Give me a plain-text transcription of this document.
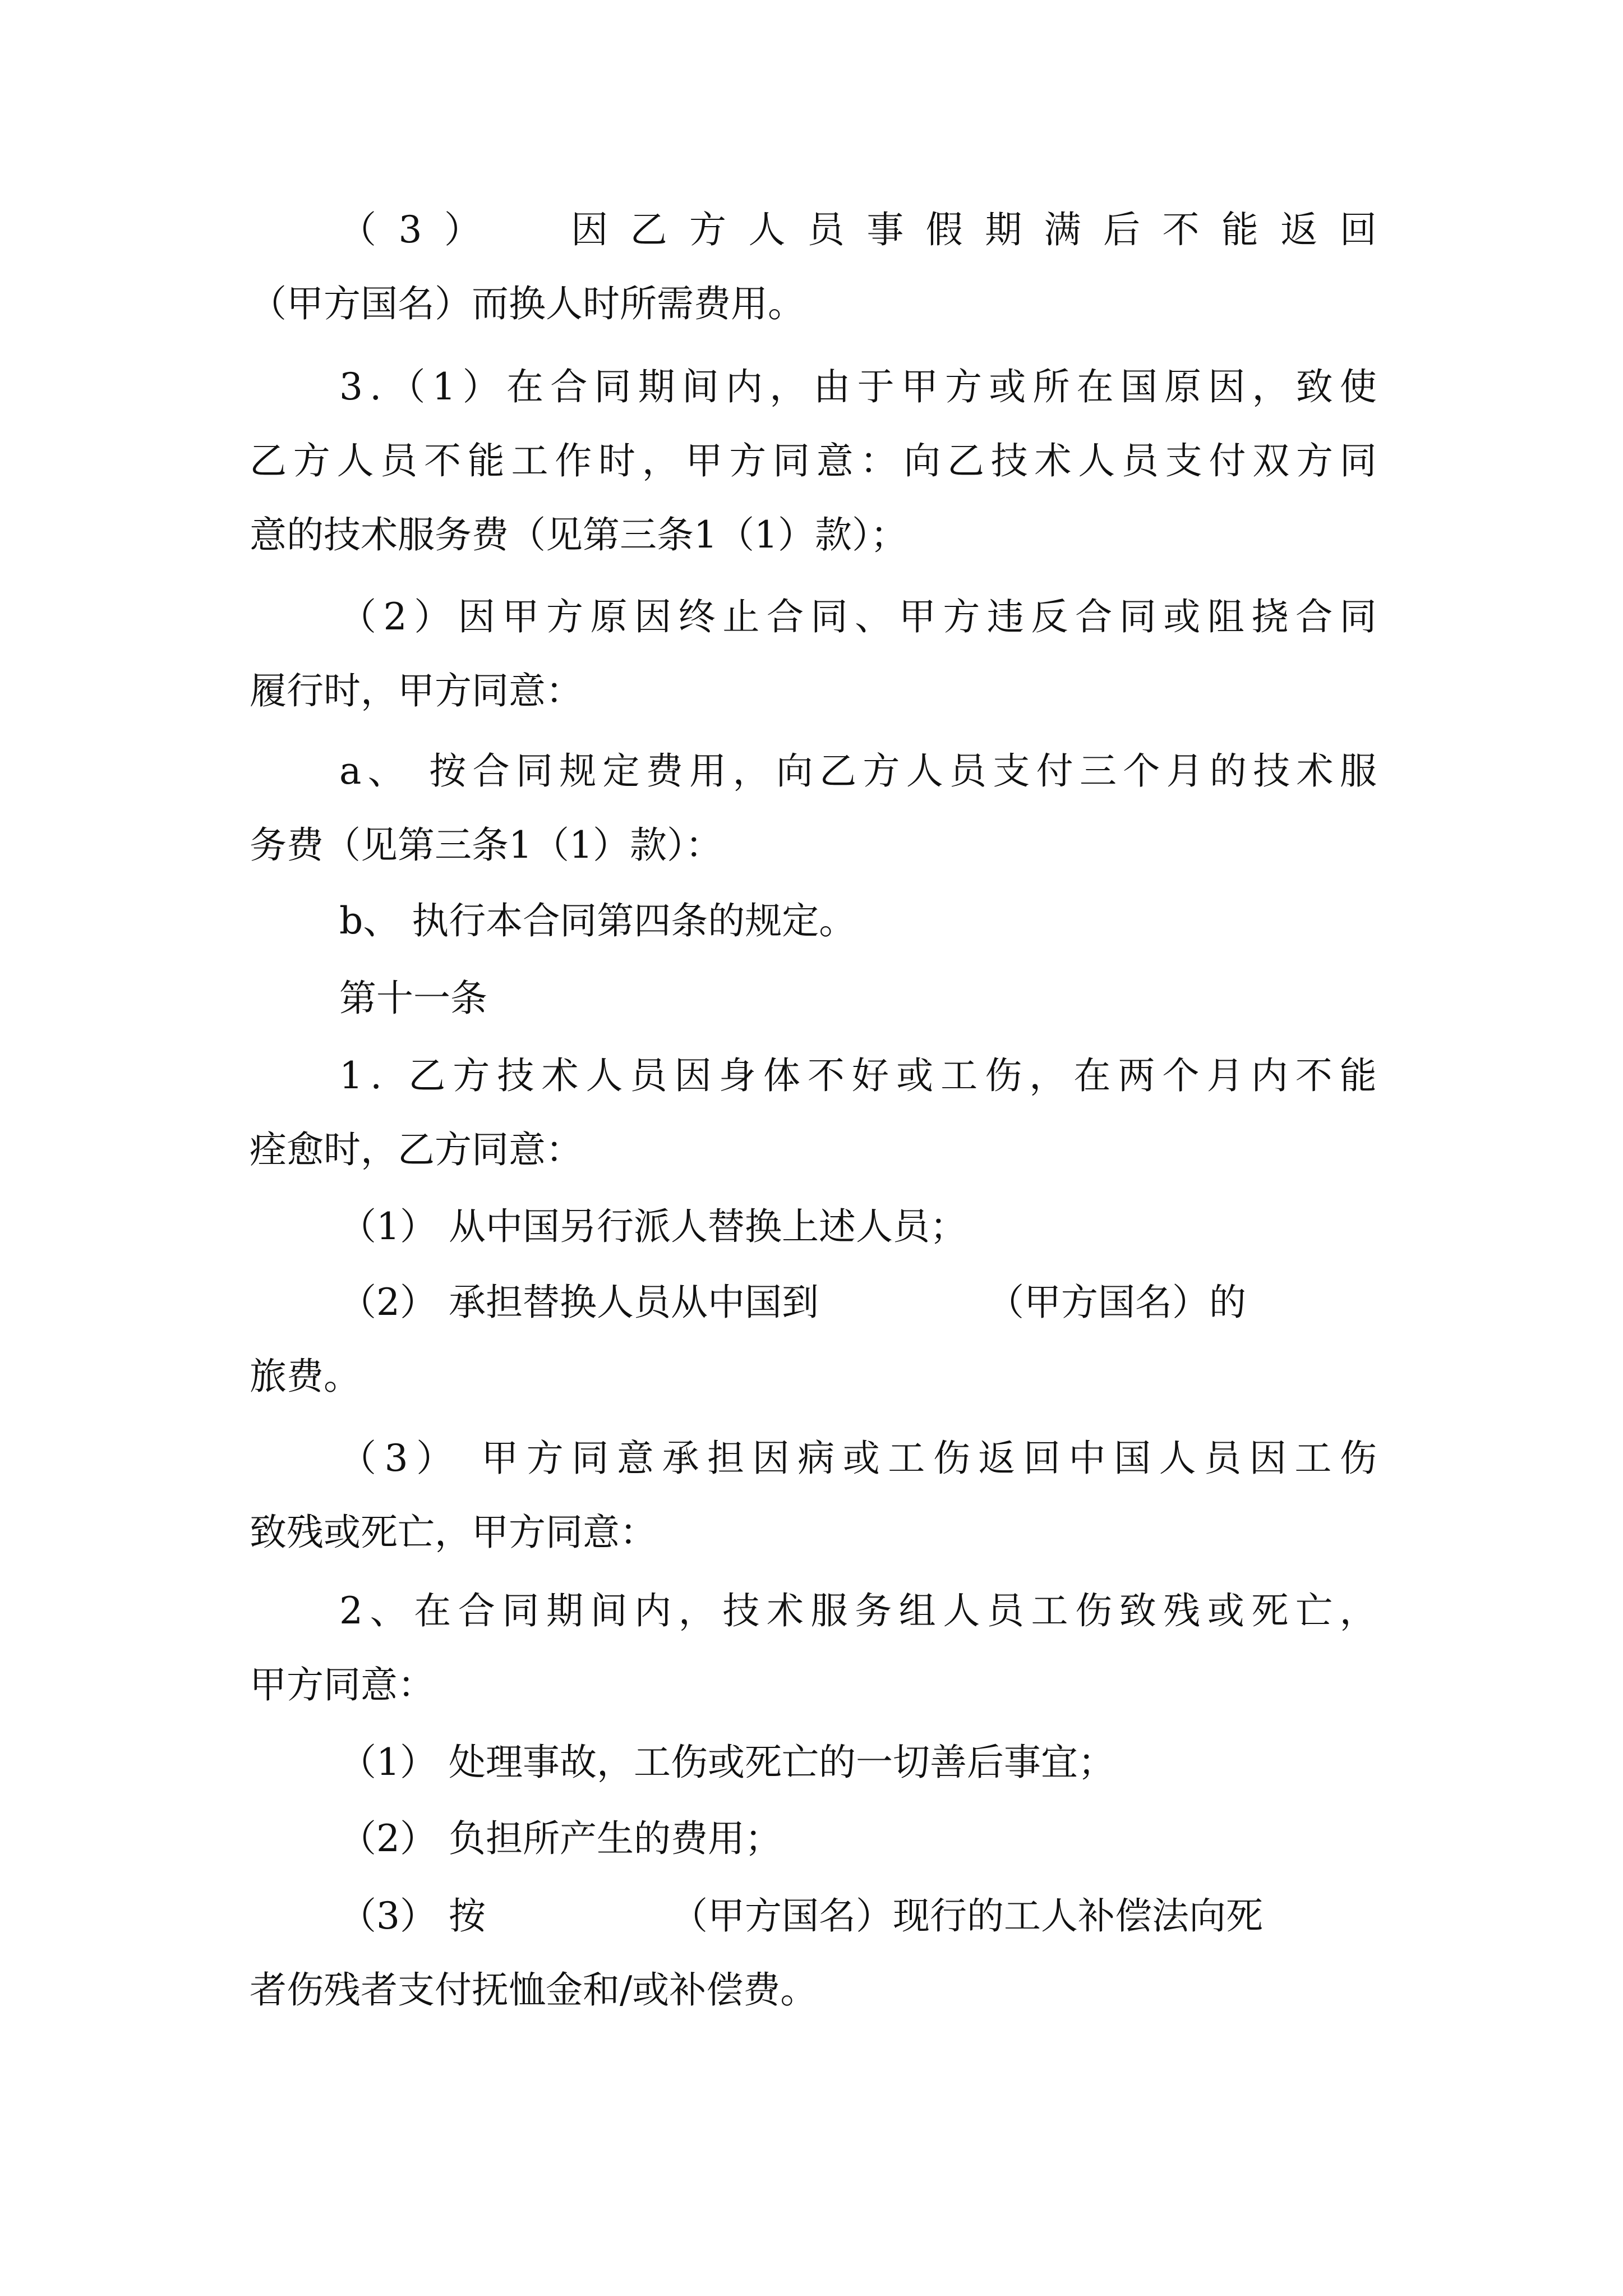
（ 3 ）

因 乙 方 人 员 事 假 期 满 后 不 能 返 回
（甲方国名）而换人时所需费用。
3 . （ 1 ） 在 合 同 期 间 内 ， 由 于 甲 方 或 所 在 国 原 因 ， 致 使
乙 方 人 员 不 能 工 作 时 ， 甲 方 同 意 ： 向 乙 技 术 人 员 支 付 双 方 同
意的技术服务费（见第三条1（1）款）；
（ 2 ） 因 甲 方 原 因 终 止 合 同 、 甲 方 违 反 合 同 或 阻 挠 合 同
履行时，甲方同意：
a 、
按 合 同 规 定 费 用 ， 向 乙 方 人 员 支 付 三 个 月 的 技 术 服
务费（见第三条1（1）款）：
b、 执行本合同第四条的规定。
第十一条
1 .
乙 方 技 术 人 员 因 身 体 不 好 或 工 伤 ， 在 两 个 月 内 不 能
痊愈时，乙方同意：
（1） 从中国另行派人替换上述人员；
（2） 承担替换人员从中国到	（甲方国名）的
旅费。
（ 3 ）
甲 方 同 意 承 担 因 病 或 工 伤 返 回 中 国 人 员 因 工 伤
致残或死亡，甲方同意：
2 、 在 合 同 期 间 内 ， 技 术 服 务 组 人 员 工 伤 致 残 或 死 亡 ，
甲方同意：
（1） 处理事故，工伤或死亡的一切善后事宜；
（2） 负担所产生的费用；
（3） 按	（甲方国名）现行的工人补偿法向死
者伤残者支付抚恤金和/或补偿费。
